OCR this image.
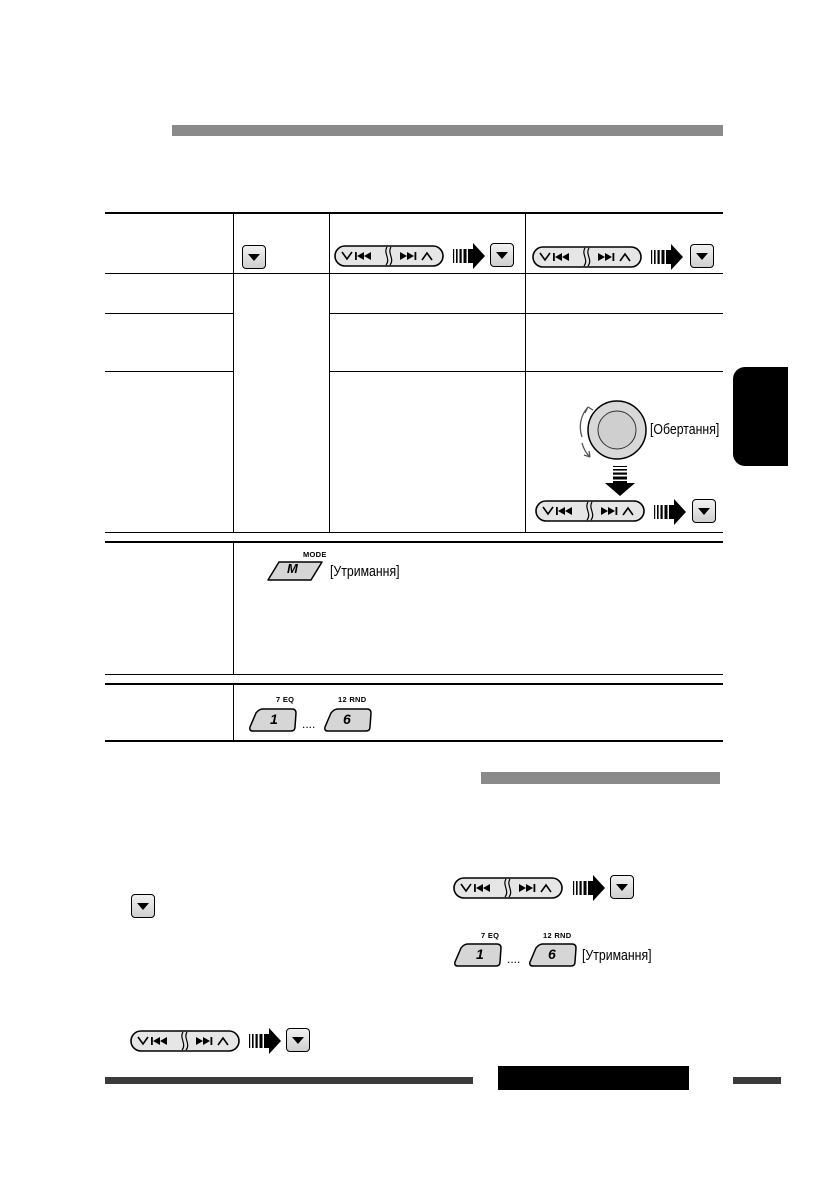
[Обертання]
MODE
M [Утримання]
7 EQ	12 RND
1 .... 6
7 EQ	12 RND
1 .... 6 [Утримання]
